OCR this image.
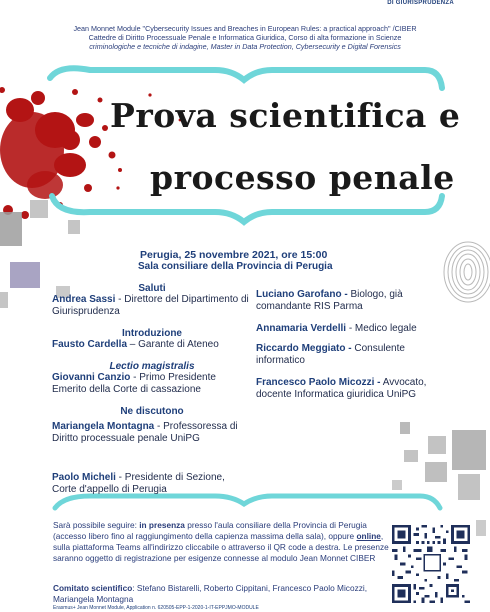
DI GIURISPRUDENZA
Jean Monnet Module "Cybersecurity Issues and Breaches in European Rules: a practical approach" /CIBER
Cattedre di Diritto Processuale Penale e Informatica Giuridica, Corso di alta formazione in Scienze
criminologiche e tecniche di indagine, Master in Data Protection, Cybersecurity e Digital Forensics
Prova scientifica e
processo penale
Perugia, 25 novembre 2021, ore 15:00
Sala consiliare della Provincia di Perugia
Saluti
Andrea Sassi - Direttore del Dipartimento di Giurisprudenza
Introduzione
Fausto Cardella – Garante di Ateneo
Lectio magistralis
Giovanni Canzio - Primo Presidente Emerito della Corte di cassazione
Ne discutono
Mariangela Montagna - Professoressa di Diritto processuale penale UniPG
Paolo Micheli - Presidente di Sezione, Corte d'appello di Perugia
Luciano Garofano - Biologo, già comandante RIS Parma
Annamaria Verdelli - Medico legale
Riccardo Meggiato - Consulente informatico
Francesco Paolo Micozzi - Avvocato, docente Informatica giuridica UniPG
Sarà possibile seguire: in presenza presso l'aula consiliare della Provincia di Perugia (accesso libero fino al raggiungimento della capienza massima della sala), oppure online, sulla piattaforma Teams all'indirizzo cliccabile o attraverso il QR code a destra. Le presenze saranno oggetto di registrazione per esigenze connesse al modulo Jean Monnet CIBER
Comitato scientifico: Stefano Bistarelli, Roberto Cippitani, Francesco Paolo Micozzi, Mariangela Montagna
Erasmus+ Jean Monnet Module, Application n. 620505-EPP-1-2020-1-IT-EPPJMO-MODULE
